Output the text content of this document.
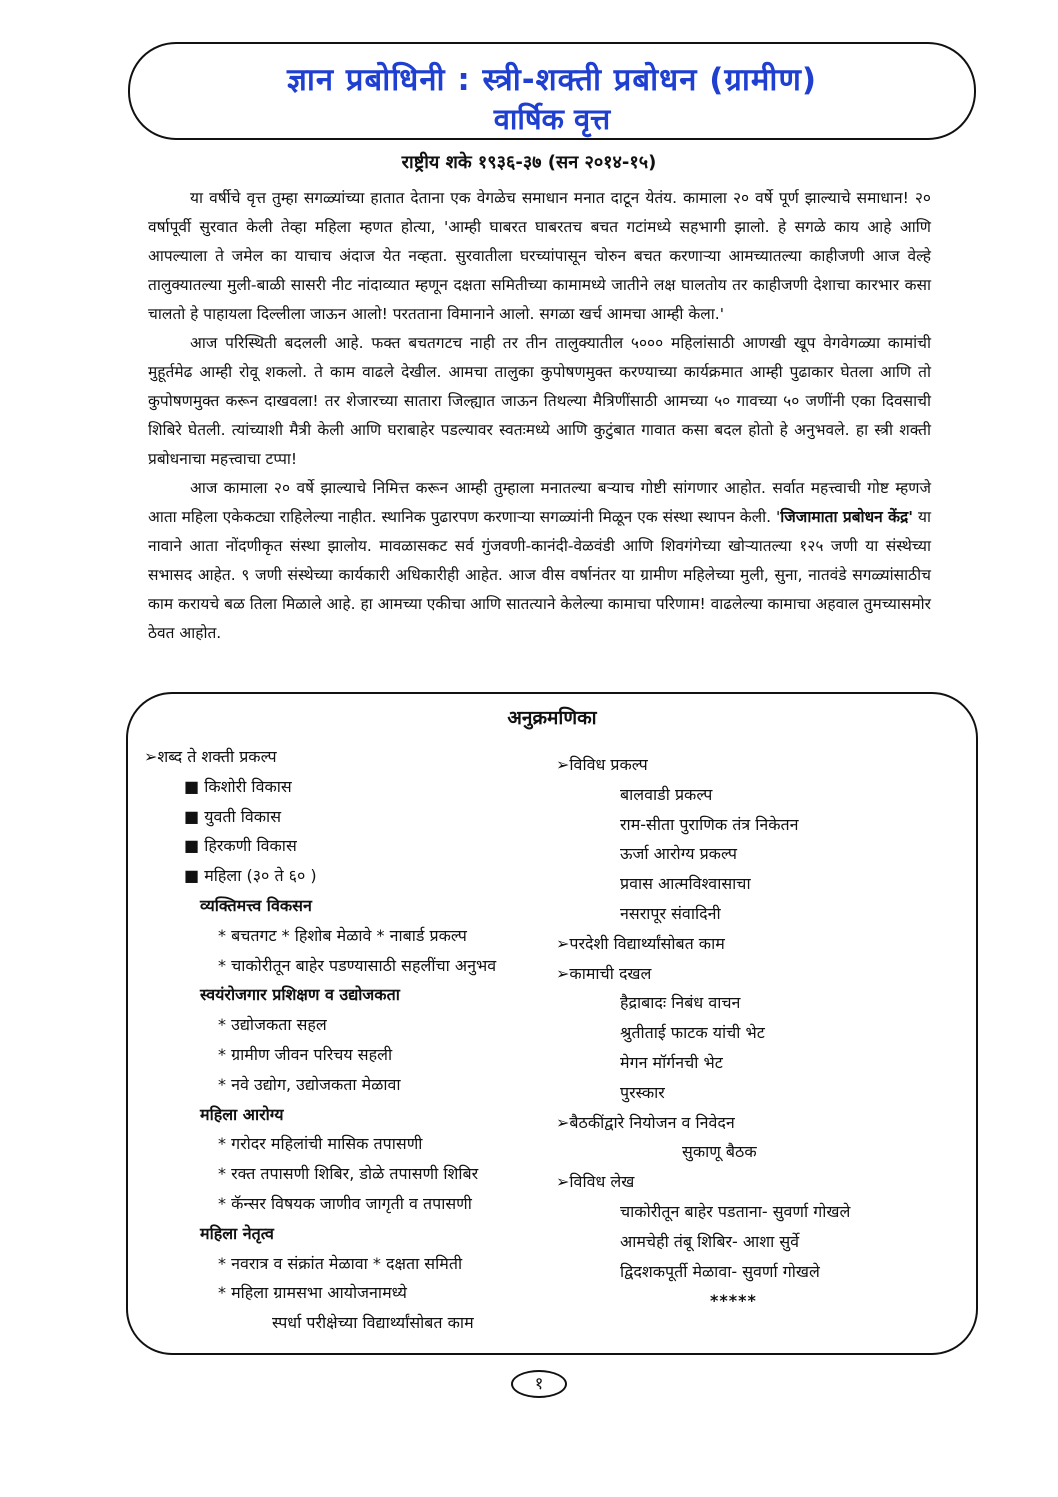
ज्ञान प्रबोधिनी : स्त्री-शक्ती प्रबोधन (ग्रामीण)
वार्षिक वृत्त
राष्ट्रीय शके १९३६-३७ (सन २०१४-१५)

या वर्षीचे वृत्त तुम्हा सगळ्यांच्या हातात देताना एक वेगळेच समाधान मनात दाटून येतंय. कामाला २० वर्षे पूर्ण झाल्याचे समाधान! २० वर्षापूर्वी सुरवात केली तेव्हा महिला म्हणत होत्या, 'आम्ही घाबरत घाबरतच बचत गटांमध्ये सहभागी झालो. हे सगळे काय आहे आणि आपल्याला ते जमेल का याचाच अंदाज येत नव्हता. सुरवातीला घरच्यांपासून चोरुन बचत करणाऱ्या आमच्यातल्या काहीजणी आज वेल्हे तालुक्यातल्या मुली-बाळी सासरी नीट नांदाव्यात म्हणून दक्षता समितीच्या कामामध्ये जातीने लक्ष घालतोय तर काहीजणी देशाचा कारभार कसा चालतो हे पाहायला दिल्लीला जाऊन आलो! परतताना विमानाने आलो. सगळा खर्च आमचा आम्ही केला.'

आज परिस्थिती बदलली आहे. फक्त बचतगटच नाही तर तीन तालुक्यातील ५००० महिलांसाठी आणखी खूप वेगवेगळ्या कामांची मुहूर्तमेढ आम्ही रोवू शकलो. ते काम वाढले देखील. आमचा तालुका कुपोषणमुक्त करण्याच्या कार्यक्रमात आम्ही पुढाकार घेतला आणि तो कुपोषणमुक्त करून दाखवला! तर शेजारच्या सातारा जिल्ह्यात जाऊन तिथल्या मैत्रिणींसाठी आमच्या ५० गावच्या ५० जणींनी एका दिवसाची शिबिरे घेतली. त्यांच्याशी मैत्री केली आणि घराबाहेर पडल्यावर स्वतःमध्ये आणि कुटुंबात गावात कसा बदल होतो हे अनुभवले. हा स्त्री शक्ती प्रबोधनाचा महत्त्वाचा टप्पा!

आज कामाला २० वर्षे झाल्याचे निमित्त करून आम्ही तुम्हाला मनातल्या बऱ्याच गोष्टी सांगणार आहोत. सर्वात महत्त्वाची गोष्ट म्हणजे आता महिला एकेकट्या राहिलेल्या नाहीत. स्थानिक पुढारपण करणाऱ्या सगळ्यांनी मिळून एक संस्था स्थापन केली. 'जिजामाता प्रबोधन केंद्र' या नावाने आता नोंदणीकृत संस्था झालोय. मावळासकट सर्व गुंजवणी-कानंदी-वेळवंडी आणि शिवगंगेच्या खोऱ्यातल्या १२५ जणी या संस्थेच्या सभासद आहेत. ९ जणी संस्थेच्या कार्यकारी अधिकारीही आहेत. आज वीस वर्षानंतर या ग्रामीण महिलेच्या मुली, सुना, नातवंडे सगळ्यांसाठीच काम करायचे बळ तिला मिळाले आहे. हा आमच्या एकीचा आणि सातत्याने केलेल्या कामाचा परिणाम! वाढलेल्या कामाचा अहवाल तुमच्यासमोर ठेवत आहोत.

अनुक्रमणिका
➢शब्द ते शक्ती प्रकल्प
■ किशोरी विकास
■ युवती विकास
■ हिरकणी विकास
■ महिला (३० ते ६० )
व्यक्तिमत्त्व विकसन
* बचतगट * हिशोब मेळावे * नाबार्ड प्रकल्प
* चाकोरीतून बाहेर पडण्यासाठी सहलींचा अनुभव
स्वयंरोजगार प्रशिक्षण व उद्योजकता
* उद्योजकता सहल
* ग्रामीण जीवन परिचय सहली
* नवे उद्योग, उद्योजकता मेळावा
महिला आरोग्य
* गरोदर महिलांची मासिक तपासणी
* रक्त तपासणी शिबिर, डोळे तपासणी शिबिर
* कॅन्सर विषयक जाणीव जागृती व तपासणी
महिला नेतृत्व
* नवरात्र व संक्रांत मेळावा * दक्षता समिती
* महिला ग्रामसभा आयोजनामध्ये
स्पर्धा परीक्षेच्या विद्यार्थ्यांसोबत काम
➢विविध प्रकल्प
बालवाडी प्रकल्प
राम-सीता पुराणिक तंत्र निकेतन
ऊर्जा आरोग्य प्रकल्प
प्रवास आत्मविश्वासाचा
नसरापूर संवादिनी
➢परदेशी विद्यार्थ्यांसोबत काम
➢कामाची दखल
हैद्राबादः निबंध वाचन
श्रुतीताई फाटक यांची भेट
मेगन मॉर्गनची भेट
पुरस्कार
➢बैठकींद्वारे नियोजन व निवेदन
सुकाणू बैठक
➢विविध लेख
चाकोरीतून बाहेर पडताना- सुवर्णा गोखले
आमचेही तंबू शिबिर- आशा सुर्वे
द्विदशकपूर्ती मेळावा- सुवर्णा गोखले
*****
१
